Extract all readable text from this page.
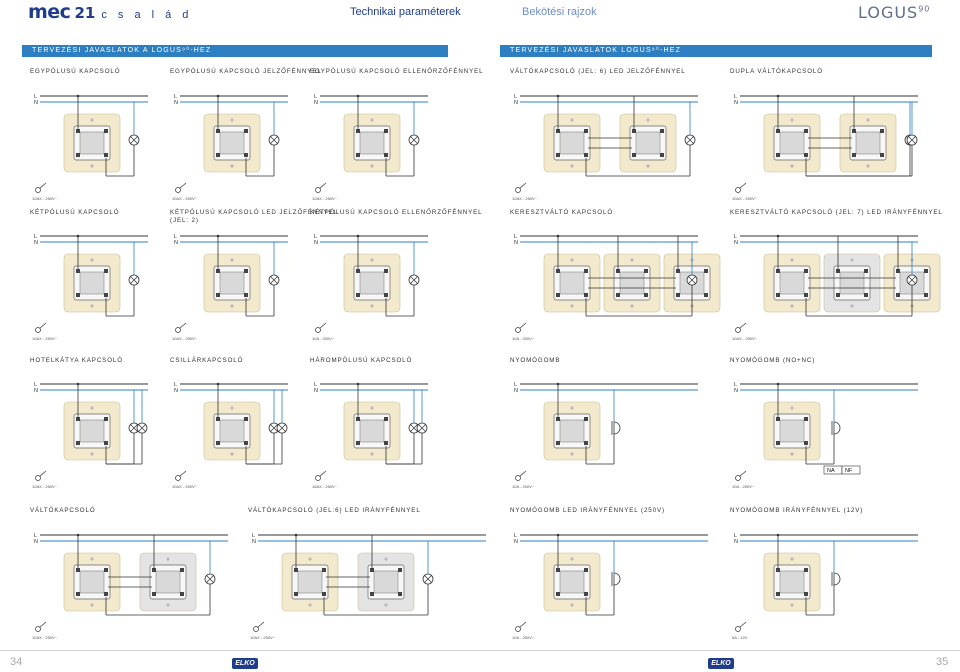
mec 21 c s a l á d	Technikai paraméterek	Bekötési rajzok	LOGUS$^{90}$
TERVEZÉSI JAVASLATOK A LOGUS⁹⁰-HEZ	TERVEZÉSI JAVASLATOK LOGUS⁹⁰-HEZ
L
N
10AX - 250V~
L
N
10AX - 250V~
L
N
10AX - 250V~
L
N
10AX - 250V~
L
N
10AX - 250V~
L
N
10AX - 250V~
L
N
10AX - 250V~
L
N
10A - 250V~
L
N
10A - 250V~
L
N
10AX - 250V~
L
N
10AX - 250V~
L
N
10AX - 250V~
L
N
16AX - 250V~
L
N
10A - 250V~
L
N
10A - 250V~
NA NF
L
N
10AX - 250V~
L
N
10AX - 250V~
L
N
10A - 250V~
L
N
6A - 12V
EGYPÓLUSÚ KAPCSOLÓ	EGYPÓLUSÚ KAPCSOLÓ JELZŐFÉNNYEL
EGYPÓLUSÚ KAPCSOLÓ ELLENŐRZŐFÉNNYEL	VÁLTÓKAPCSOLÓ (JEL: 6) LED JELZŐFÉNNYEL	DUPLA VÁLTÓKAPCSOLÓ
KÉTPÓLUSÚ KAPCSOLÓ	KÉTPÓLUSÚ KAPCSOLÓ LED JELZŐFÉNNYEL
(JEL: 2)
KÉTPÓLUSÚ KAPCSOLÓ ELLENŐRZŐFÉNNYEL	KERESZTVÁLTÓ KAPCSOLÓ	KERESZTVÁLTÓ KAPCSOLÓ (JEL: 7) LED IRÁNYFÉNNYEL
HOTELKÁTYA KAPCSOLÓ	CSILLÁRKAPCSOLÓ	HÁROMPÓLUSÚ KAPCSOLÓ	NYOMÓGOMB	NYOMÓGOMB (NO+NC)
VÁLTÓKAPCSOLÓ	VÁLTÓKAPCSOLÓ (JEL:6) LED IRÁNYFÉNNYEL	NYOMÓGOMB LED IRÁNYFÉNNYEL (250V)	NYOMÓGOMB IRÁNYFÉNNYEL (12V)
34	35
ELKO	ELKO
